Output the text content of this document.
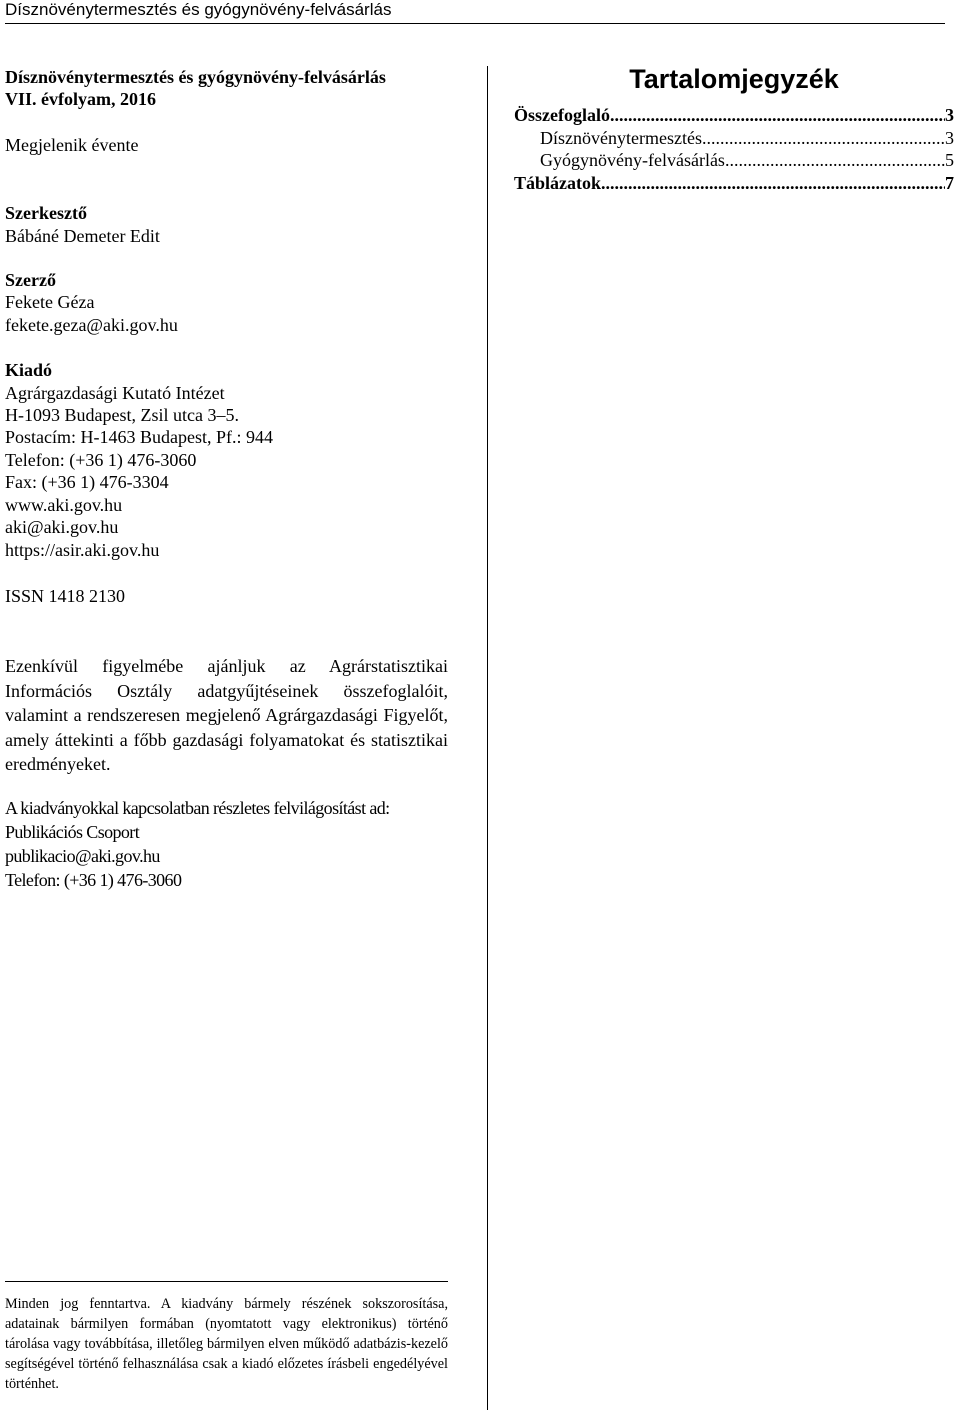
Dísznövénytermesztés és gyógynövény-felvásárlás
Dísznövénytermesztés és gyógynövény-felvásárlás
VII. évfolyam, 2016
Megjelenik évente
Szerkesztő
Bábáné Demeter Edit
Szerző
Fekete Géza
fekete.geza@aki.gov.hu
Kiadó
Agrárgazdasági Kutató Intézet
H-1093 Budapest, Zsil utca 3–5.
Postacím: H-1463 Budapest, Pf.: 944
Telefon: (+36 1) 476-3060
Fax: (+36 1) 476-3304
www.aki.gov.hu
aki@aki.gov.hu
https://asir.aki.gov.hu
ISSN 1418 2130
Ezenkívül figyelmébe ajánljuk az Agrárstatisztikai Információs Osztály adatgyűjtéseinek összefoglalóit, valamint a rendszeresen megjelenő Agrárgazdasági Figyelőt, amely áttekinti a főbb gazdasági folyamatokat és statisztikai eredményeket.
A kiadványokkal kapcsolatban részletes felvilágosítást ad:
Publikációs Csoport
publikacio@aki.gov.hu
Telefon: (+36 1) 476-3060
Tartalomjegyzék
Összefoglaló .....	3
Dísznövénytermesztés .....	3
Gyógynövény-felvásárlás .....	5
Táblázatok .....	7
Minden jog fenntartva. A kiadvány bármely részének sokszorosítása, adatainak bármilyen formában (nyomtatott vagy elektronikus) történő tárolása vagy továbbítása, illetőleg bármilyen elven működő adatbázis-kezelő segítségével történő felhasználása csak a kiadó előzetes írásbeli engedélyével történhet.
